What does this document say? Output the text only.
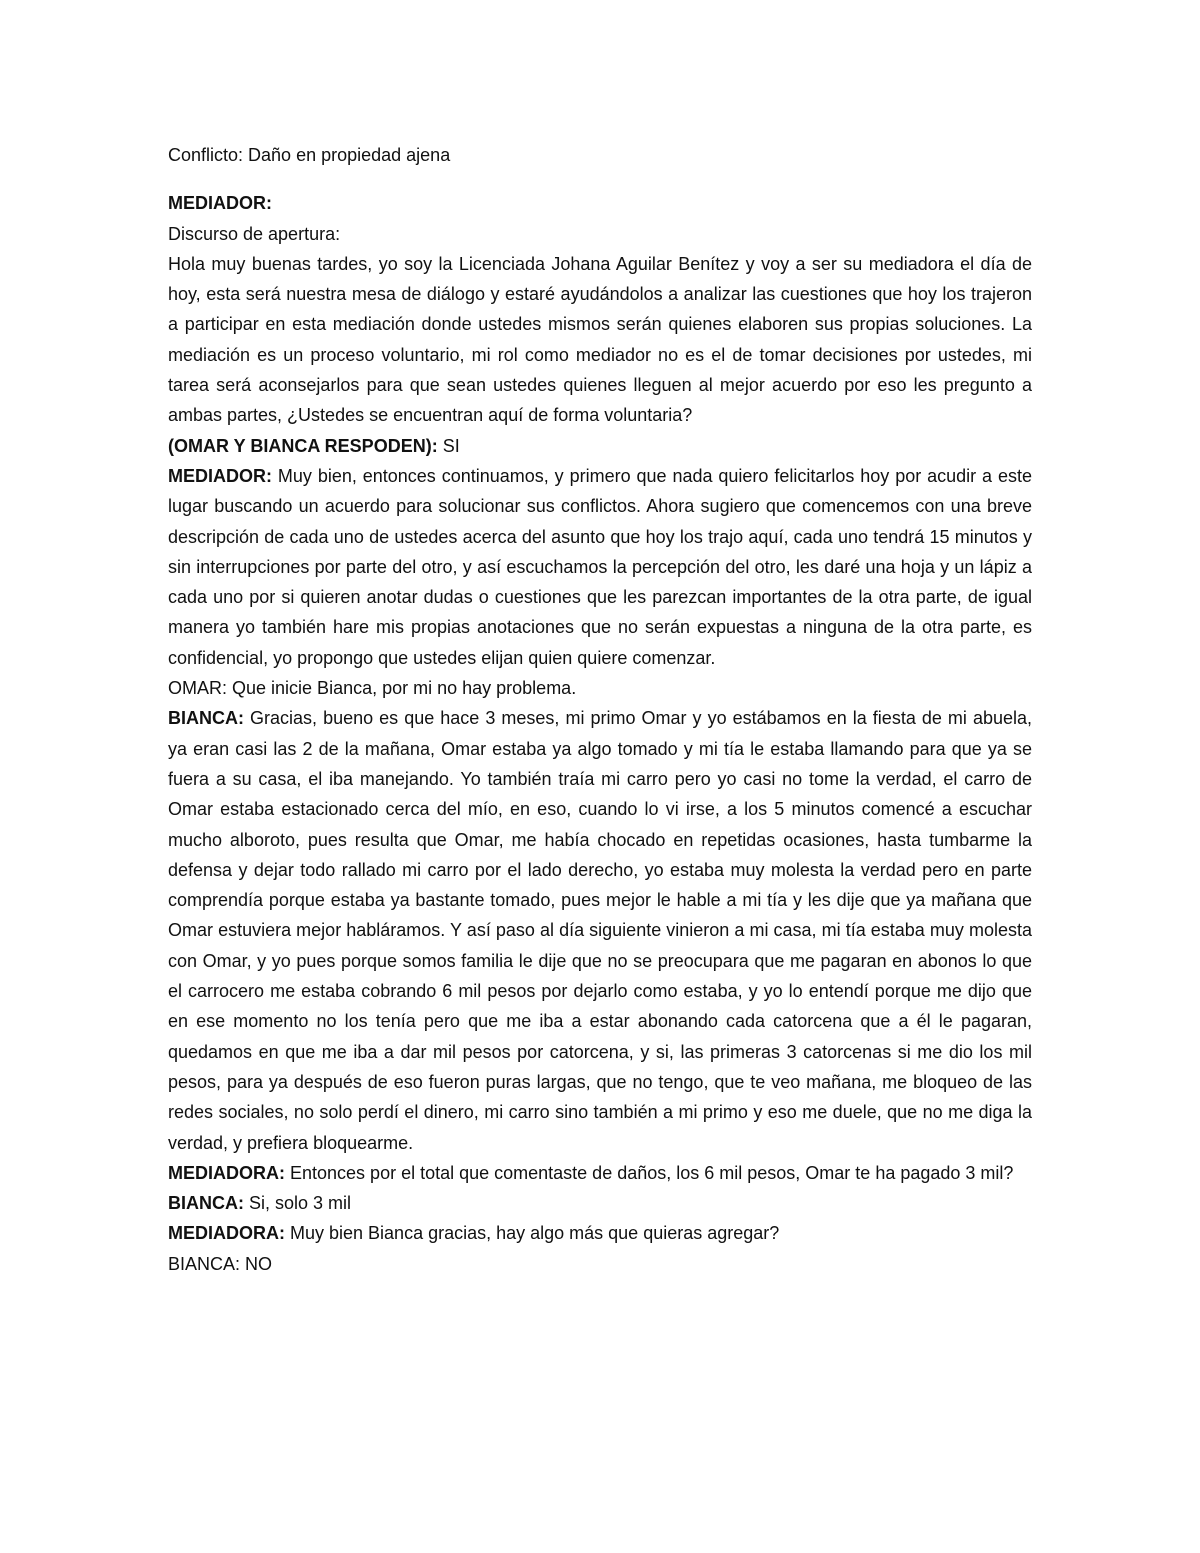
Conflicto: Daño en propiedad ajena

MEDIADOR:

Discurso de apertura:

Hola muy buenas tardes, yo soy la Licenciada Johana Aguilar Benítez y voy a ser su mediadora el día de hoy, esta será nuestra mesa de diálogo y estaré ayudándolos a analizar las cuestiones que hoy los trajeron a participar en esta mediación donde ustedes mismos serán quienes elaboren sus propias soluciones. La mediación es un proceso voluntario, mi rol como mediador no es el de tomar decisiones por ustedes, mi tarea será aconsejarlos para que sean ustedes quienes lleguen al mejor acuerdo por eso les pregunto a ambas partes, ¿Ustedes se encuentran aquí de forma voluntaria?

(OMAR Y BIANCA RESPODEN): SI

MEDIADOR: Muy bien, entonces continuamos, y primero que nada quiero felicitarlos hoy por acudir a este lugar buscando un acuerdo para solucionar sus conflictos. Ahora sugiero que comencemos con una breve descripción de cada uno de ustedes acerca del asunto que hoy los trajo aquí, cada uno tendrá 15 minutos y sin interrupciones por parte del otro, y así escuchamos la percepción del otro, les daré una hoja y un lápiz a cada uno por si quieren anotar dudas o cuestiones que les parezcan importantes de la otra parte, de igual manera yo también hare mis propias anotaciones que no serán expuestas a ninguna de la otra parte, es confidencial, yo propongo que ustedes elijan quien quiere comenzar.

OMAR: Que inicie Bianca, por mi no hay problema.

BIANCA: Gracias, bueno es que hace 3 meses, mi primo Omar y yo estábamos en la fiesta de mi abuela, ya eran casi las 2 de la mañana, Omar estaba ya algo tomado y mi tía le estaba llamando para que ya se fuera a su casa, el iba manejando. Yo también traía mi carro pero yo casi no tome la verdad, el carro de Omar estaba estacionado cerca del mío, en eso, cuando lo vi irse, a los 5 minutos comencé a escuchar mucho alboroto, pues resulta que Omar, me había chocado en repetidas ocasiones, hasta tumbarme la defensa y dejar todo rallado mi carro por el lado derecho, yo estaba muy molesta la verdad pero en parte comprendía porque estaba ya bastante tomado, pues mejor le hable a mi tía y les dije que ya mañana que Omar estuviera mejor habláramos. Y así paso al día siguiente vinieron a mi casa, mi tía estaba muy molesta con Omar, y yo pues porque somos familia le dije que no se preocupara que me pagaran en abonos lo que el carrocero me estaba cobrando 6 mil pesos por dejarlo como estaba, y yo lo entendí porque me dijo que en ese momento no los tenía pero que me iba a estar abonando cada catorcena que a él le pagaran, quedamos en que me iba a dar mil pesos por catorcena, y si, las primeras 3 catorcenas si me dio los mil pesos, para ya después de eso fueron puras largas, que no tengo, que te veo mañana, me bloqueo de las redes sociales, no solo perdí el dinero, mi carro sino también a mi primo y eso me duele, que no me diga la verdad, y prefiera bloquearme.

MEDIADORA: Entonces por el total que comentaste de daños, los 6 mil pesos, Omar te ha pagado 3 mil?

BIANCA: Si, solo 3 mil

MEDIADORA: Muy bien Bianca gracias, hay algo más que quieras agregar?

BIANCA: NO
